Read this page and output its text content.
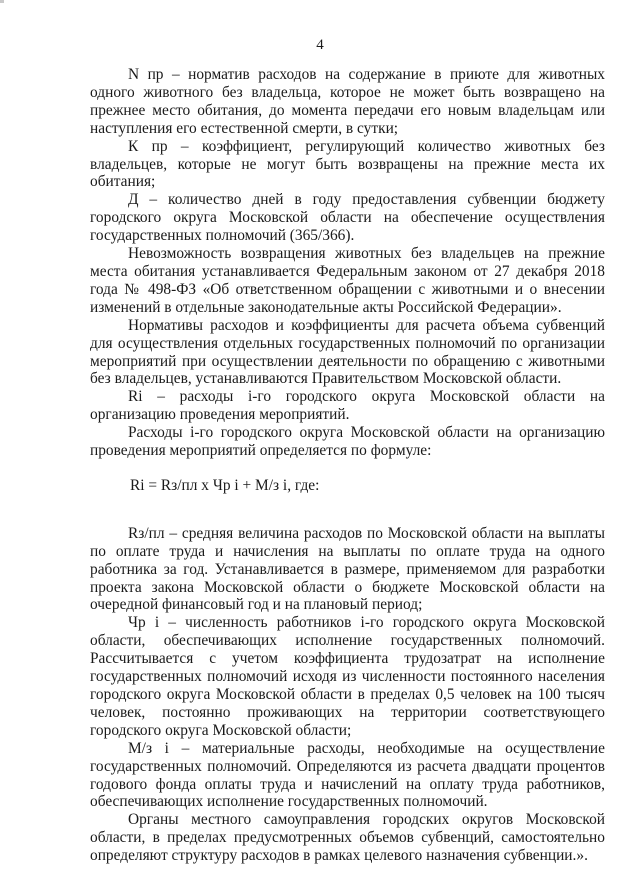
4

N пр – норматив расходов на содержание в приюте для животных одного животного без владельца, которое не может быть возвращено на прежнее место обитания, до момента передачи его новым владельцам или наступления его естественной смерти, в сутки;

К пр – коэффициент, регулирующий количество животных без владельцев, которые не могут быть возвращены на прежние места их обитания;

Д – количество дней в году предоставления субвенции бюджету городского округа Московской области на обеспечение осуществления государственных полномочий (365/366).

Невозможность возвращения животных без владельцев на прежние места обитания устанавливается Федеральным законом от 27 декабря 2018 года № 498-ФЗ «Об ответственном обращении с животными и о внесении изменений в отдельные законодательные акты Российской Федерации».

Нормативы расходов и коэффициенты для расчета объема субвенций для осуществления отдельных государственных полномочий по организации мероприятий при осуществлении деятельности по обращению с животными без владельцев, устанавливаются Правительством Московской области.

Ri – расходы i-го городского округа Московской области на организацию проведения мероприятий.

Расходы i-го городского округа Московской области на организацию проведения мероприятий определяется по формуле:

Ri = Rз/пл x Чр i + М/з i, где:

Rз/пл – средняя величина расходов по Московской области на выплаты по оплате труда и начисления на выплаты по оплате труда на одного работника за год. Устанавливается в размере, применяемом для разработки проекта закона Московской области о бюджете Московской области на очередной финансовый год и на плановый период;

Чр i – численность работников i-го городского округа Московской области, обеспечивающих исполнение государственных полномочий. Рассчитывается с учетом коэффициента трудозатрат на исполнение государственных полномочий исходя из численности постоянного населения городского округа Московской области в пределах 0,5 человек на 100 тысяч человек, постоянно проживающих на территории соответствующего городского округа Московской области;

М/з i – материальные расходы, необходимые на осуществление государственных полномочий. Определяются из расчета двадцати процентов годового фонда оплаты труда и начислений на оплату труда работников, обеспечивающих исполнение государственных полномочий.

Органы местного самоуправления городских округов Московской области, в пределах предусмотренных объемов субвенций, самостоятельно определяют структуру расходов в рамках целевого назначения субвенции.».
